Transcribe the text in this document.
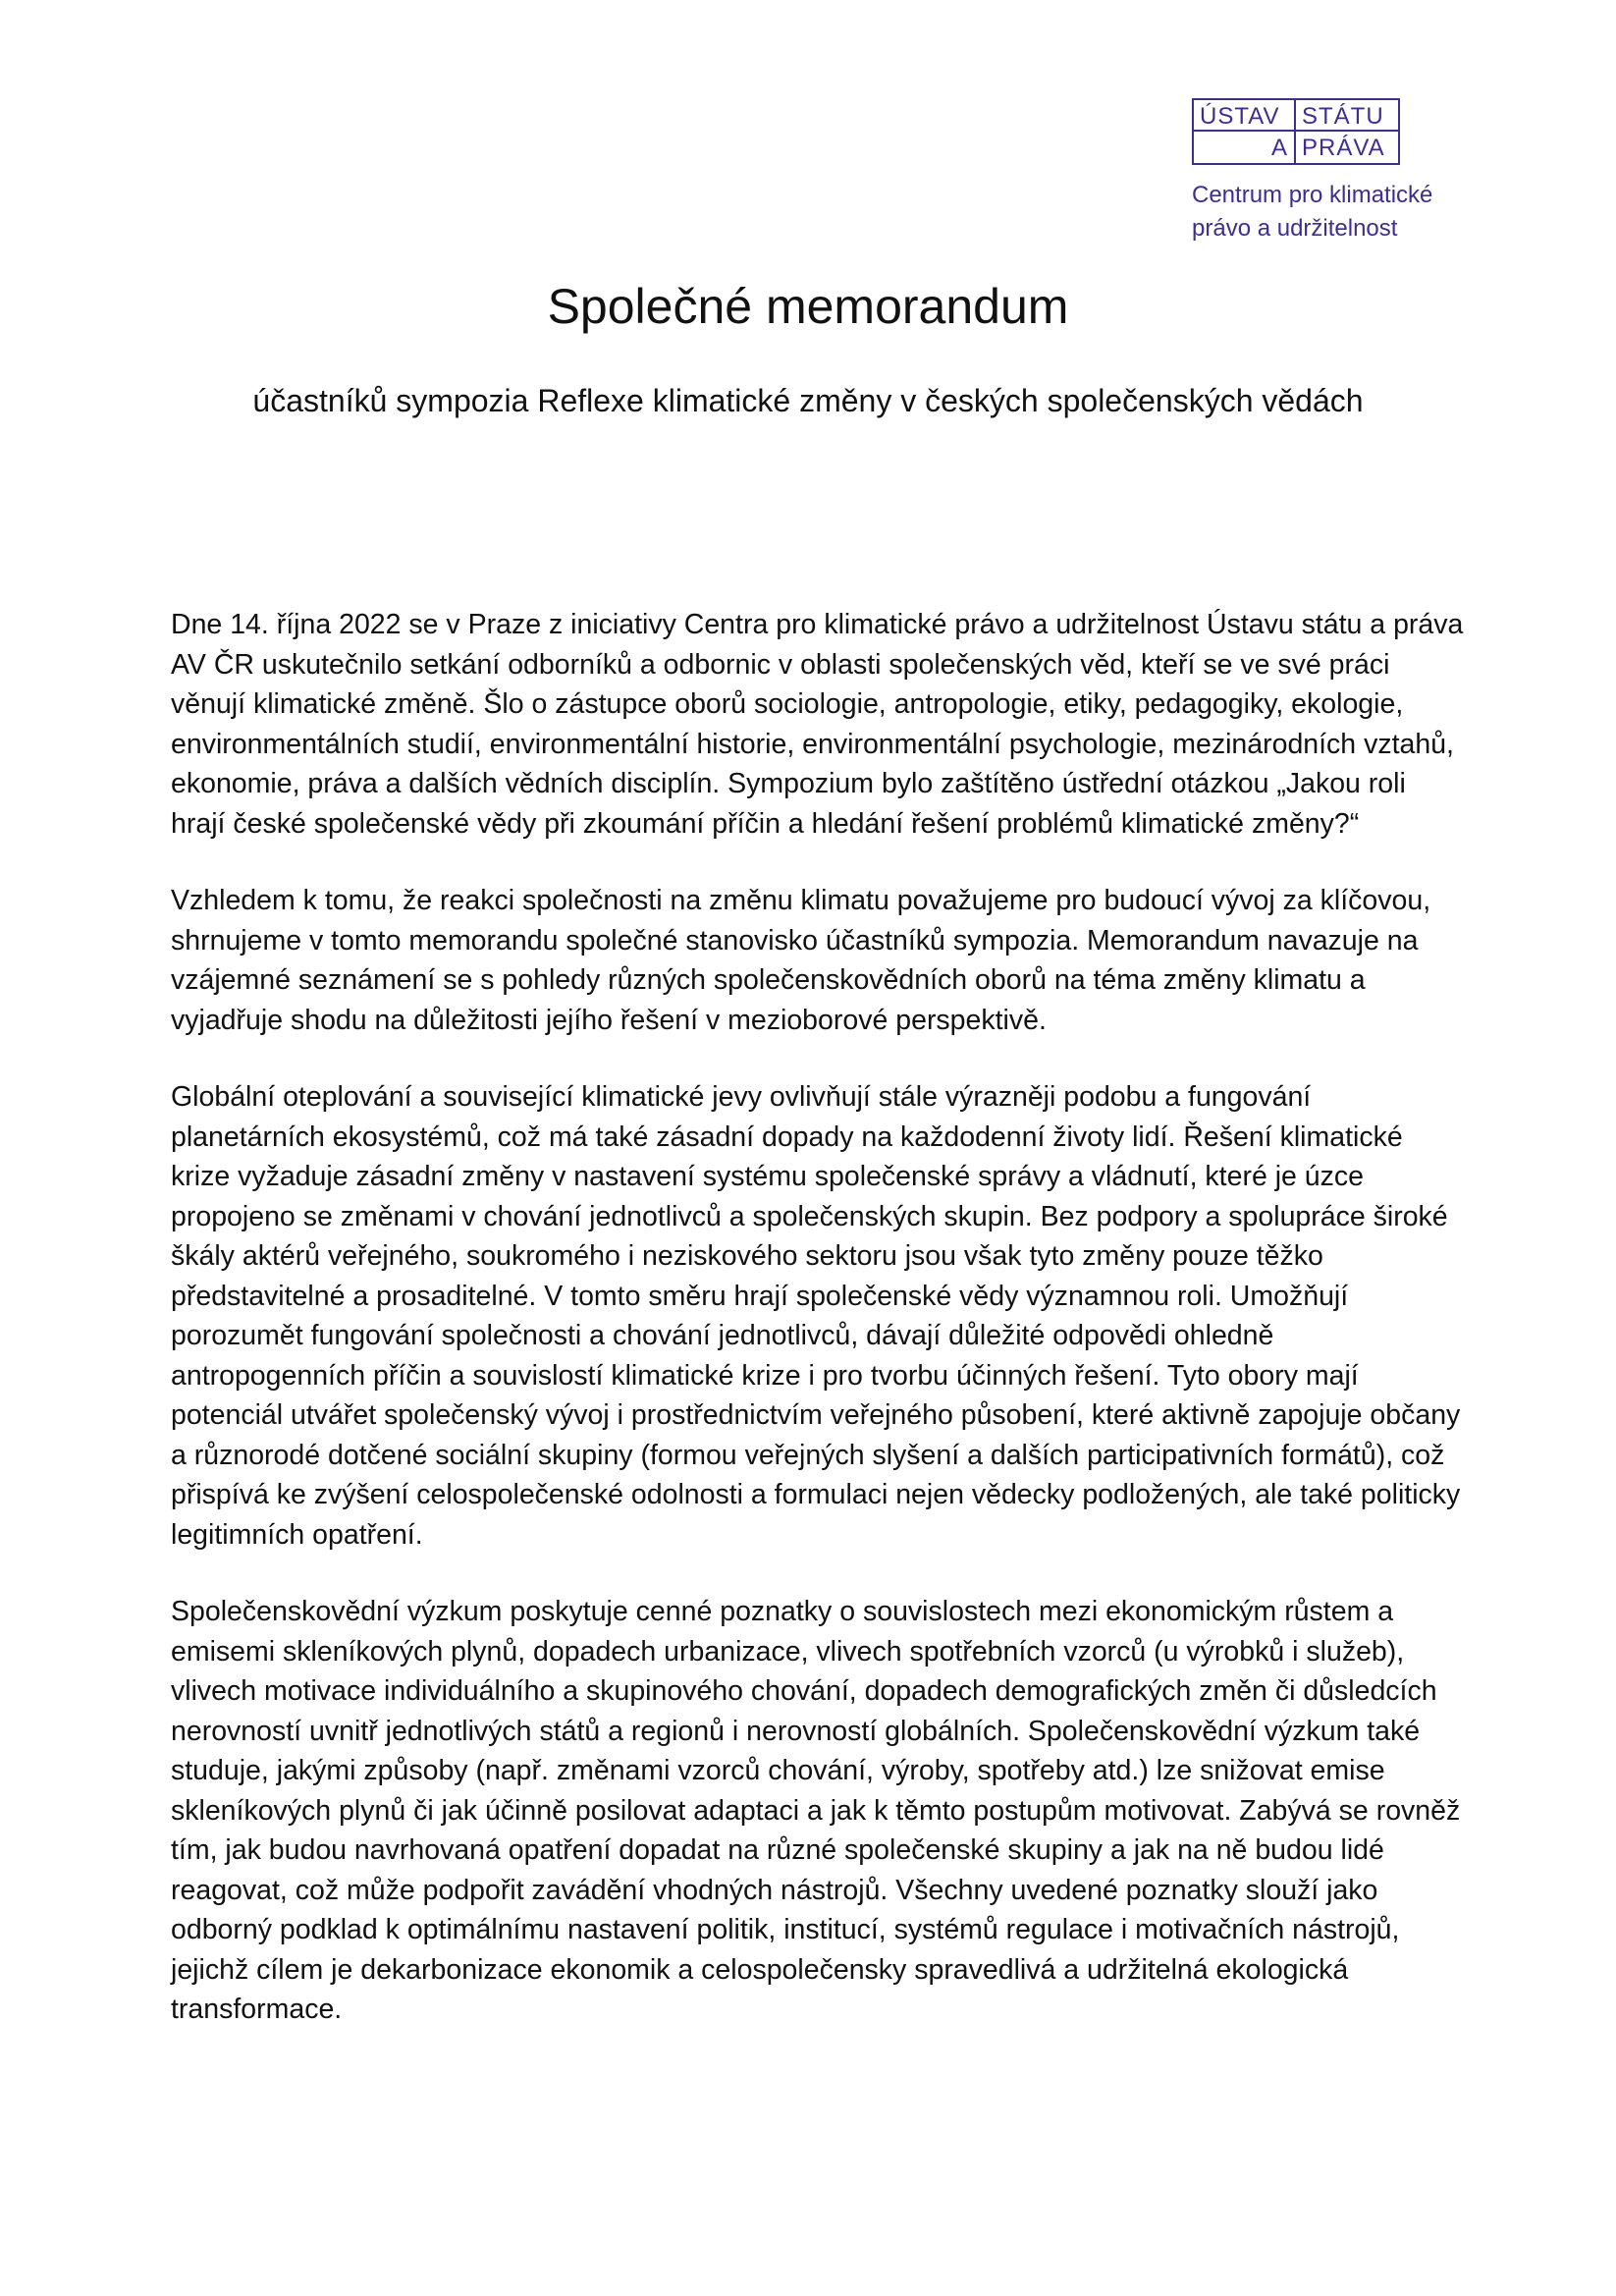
ÚSTAV STÁTU
A PRÁVA
Centrum pro klimatické
právo a udržitelnost
Společné memorandum
účastníků sympozia Reflexe klimatické změny v českých společenských vědách

Dne 14. října 2022 se v Praze z iniciativy Centra pro klimatické právo a udržitelnost Ústavu státu a práva AV ČR uskutečnilo setkání odborníků a odbornic v oblasti společenských věd, kteří se ve své práci věnují klimatické změně. Šlo o zástupce oborů sociologie, antropologie, etiky, pedagogiky, ekologie, environmentálních studií, environmentální historie, environmentální psychologie, mezinárodních vztahů, ekonomie, práva a dalších vědních disciplín. Sympozium bylo zaštítěno ústřední otázkou „Jakou roli hrají české společenské vědy při zkoumání příčin a hledání řešení problémů klimatické změny?“

Vzhledem k tomu, že reakci společnosti na změnu klimatu považujeme pro budoucí vývoj za klíčovou, shrnujeme v tomto memorandu společné stanovisko účastníků sympozia. Memorandum navazuje na vzájemné seznámení se s pohledy různých společenskovědních oborů na téma změny klimatu a vyjadřuje shodu na důležitosti jejího řešení v mezioborové perspektivě.

Globální oteplování a související klimatické jevy ovlivňují stále výrazněji podobu a fungování planetárních ekosystémů, což má také zásadní dopady na každodenní životy lidí. Řešení klimatické krize vyžaduje zásadní změny v nastavení systému společenské správy a vládnutí, které je úzce propojeno se změnami v chování jednotlivců a společenských skupin. Bez podpory a spolupráce široké škály aktérů veřejného, soukromého i neziskového sektoru jsou však tyto změny pouze těžko představitelné a prosaditelné. V tomto směru hrají společenské vědy významnou roli. Umožňují porozumět fungování společnosti a chování jednotlivců, dávají důležité odpovědi ohledně antropogenních příčin a souvislostí klimatické krize i pro tvorbu účinných řešení. Tyto obory mají potenciál utvářet společenský vývoj i prostřednictvím veřejného působení, které aktivně zapojuje občany a různorodé dotčené sociální skupiny (formou veřejných slyšení a dalších participativních formátů), což přispívá ke zvýšení celospolečenské odolnosti a formulaci nejen vědecky podložených, ale také politicky legitimních opatření.

Společenskovědní výzkum poskytuje cenné poznatky o souvislostech mezi ekonomickým růstem a emisemi skleníkových plynů, dopadech urbanizace, vlivech spotřebních vzorců (u výrobků i služeb), vlivech motivace individuálního a skupinového chování, dopadech demografických změn či důsledcích nerovností uvnitř jednotlivých států a regionů i nerovností globálních. Společenskovědní výzkum také studuje, jakými způsoby (např. změnami vzorců chování, výroby, spotřeby atd.) lze snižovat emise skleníkových plynů či jak účinně posilovat adaptaci a jak k těmto postupům motivovat. Zabývá se rovněž tím, jak budou navrhovaná opatření dopadat na různé společenské skupiny a jak na ně budou lidé reagovat, což může podpořit zavádění vhodných nástrojů. Všechny uvedené poznatky slouží jako odborný podklad k optimálnímu nastavení politik, institucí, systémů regulace i motivačních nástrojů, jejichž cílem je dekarbonizace ekonomik a celospolečensky spravedlivá a udržitelná ekologická transformace.
